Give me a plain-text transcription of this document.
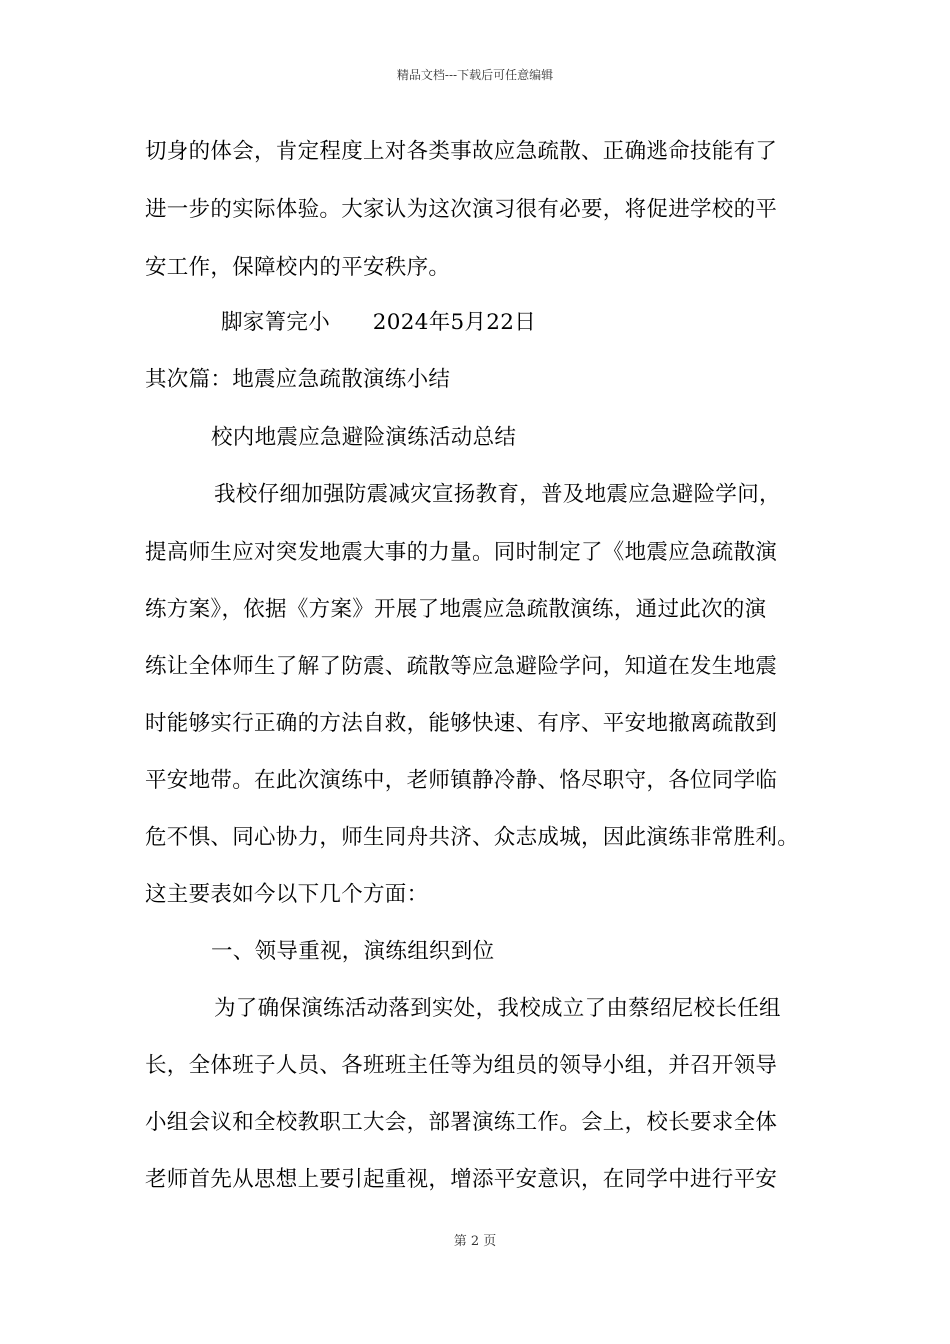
精品文档---下载后可任意编辑
切身的体会，肯定程度上对各类事故应急疏散、正确逃命技能有了
进一步的实际体验。大家认为这次演习很有必要，将促进学校的平
安工作，保障校内的平安秩序。
脚家箐完小      2024年5月22日
其次篇：地震应急疏散演练小结
校内地震应急避险演练活动总结
我校仔细加强防震减灾宣扬教育，普及地震应急避险学问，
提高师生应对突发地震大事的力量。同时制定了《地震应急疏散演
练方案》，依据《方案》开展了地震应急疏散演练，通过此次的演
练让全体师生了解了防震、疏散等应急避险学问，知道在发生地震
时能够实行正确的方法自救，能够快速、有序、平安地撤离疏散到
平安地带。在此次演练中，老师镇静冷静、恪尽职守，各位同学临
危不惧、同心协力，师生同舟共济、众志成城，因此演练非常胜利。
这主要表如今以下几个方面：
一、领导重视，演练组织到位
为了确保演练活动落到实处，我校成立了由蔡绍尼校长任组
长，全体班子人员、各班班主任等为组员的领导小组，并召开领导
小组会议和全校教职工大会，部署演练工作。会上，校长要求全体
老师首先从思想上要引起重视，增添平安意识，在同学中进行平安
第 2 页
